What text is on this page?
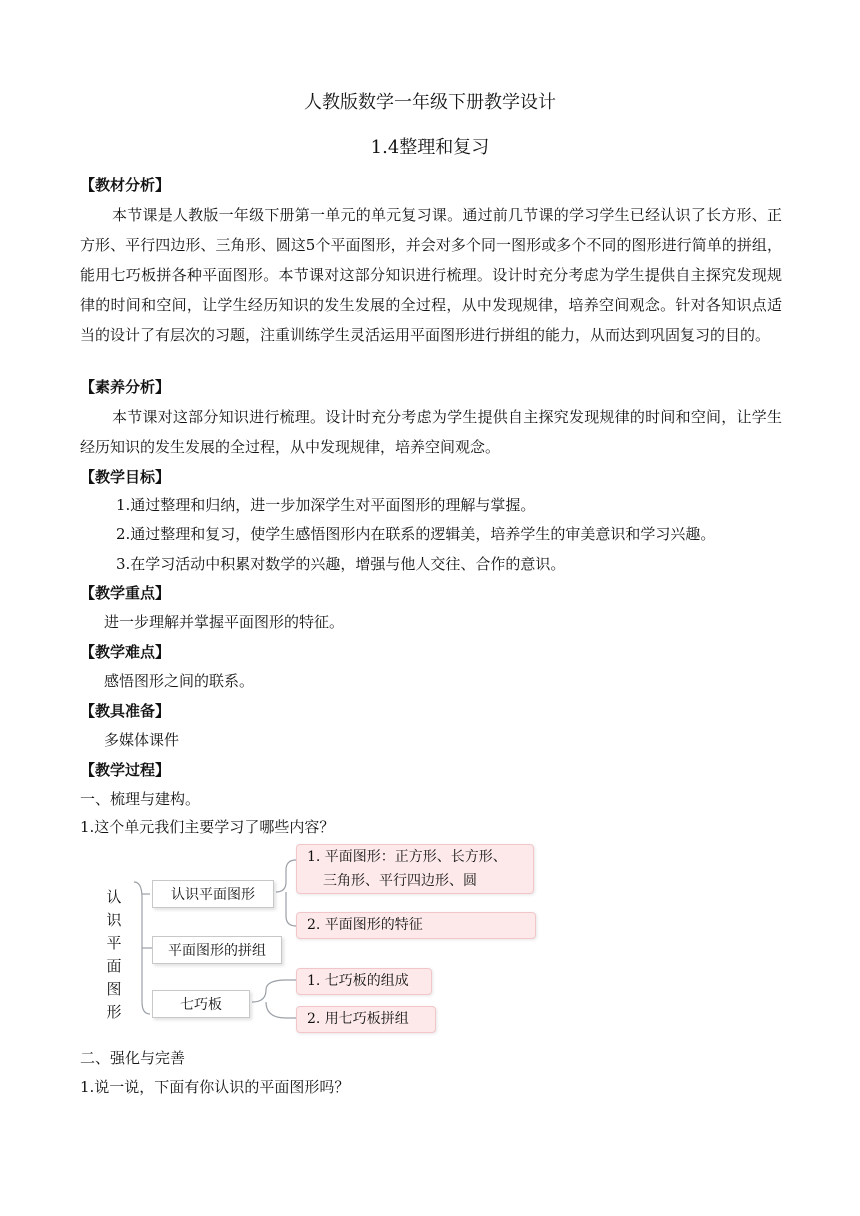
人教版数学一年级下册教学设计
1.4整理和复习
【教材分析】
本节课是人教版一年级下册第一单元的单元复习课。通过前几节课的学习学生已经认识了长方形、正方形、平行四边形、三角形、圆这5个平面图形，并会对多个同一图形或多个不同的图形进行简单的拼组，能用七巧板拼各种平面图形。本节课对这部分知识进行梳理。设计时充分考虑为学生提供自主探究发现规律的时间和空间，让学生经历知识的发生发展的全过程，从中发现规律，培养空间观念。针对各知识点适当的设计了有层次的习题，注重训练学生灵活运用平面图形进行拼组的能力，从而达到巩固复习的目的。
【素养分析】
本节课对这部分知识进行梳理。设计时充分考虑为学生提供自主探究发现规律的时间和空间，让学生经历知识的发生发展的全过程，从中发现规律，培养空间观念。
【教学目标】
1.通过整理和归纳，进一步加深学生对平面图形的理解与掌握。
2.通过整理和复习，使学生感悟图形内在联系的逻辑美，培养学生的审美意识和学习兴趣。
3.在学习活动中积累对数学的兴趣，增强与他人交往、合作的意识。
【教学重点】
进一步理解并掌握平面图形的特征。
【教学难点】
感悟图形之间的联系。
【教具准备】
多媒体课件
【教学过程】
一、梳理与建构。
1.这个单元我们主要学习了哪些内容？
认
识
平
面
图
形
认识平面图形
平面图形的拼组
七巧板
1. 平面图形：正方形、长方形、
三角形、平行四边形、圆
2. 平面图形的特征
1. 七巧板的组成
2. 用七巧板拼组
二、强化与完善
1.说一说，下面有你认识的平面图形吗？
